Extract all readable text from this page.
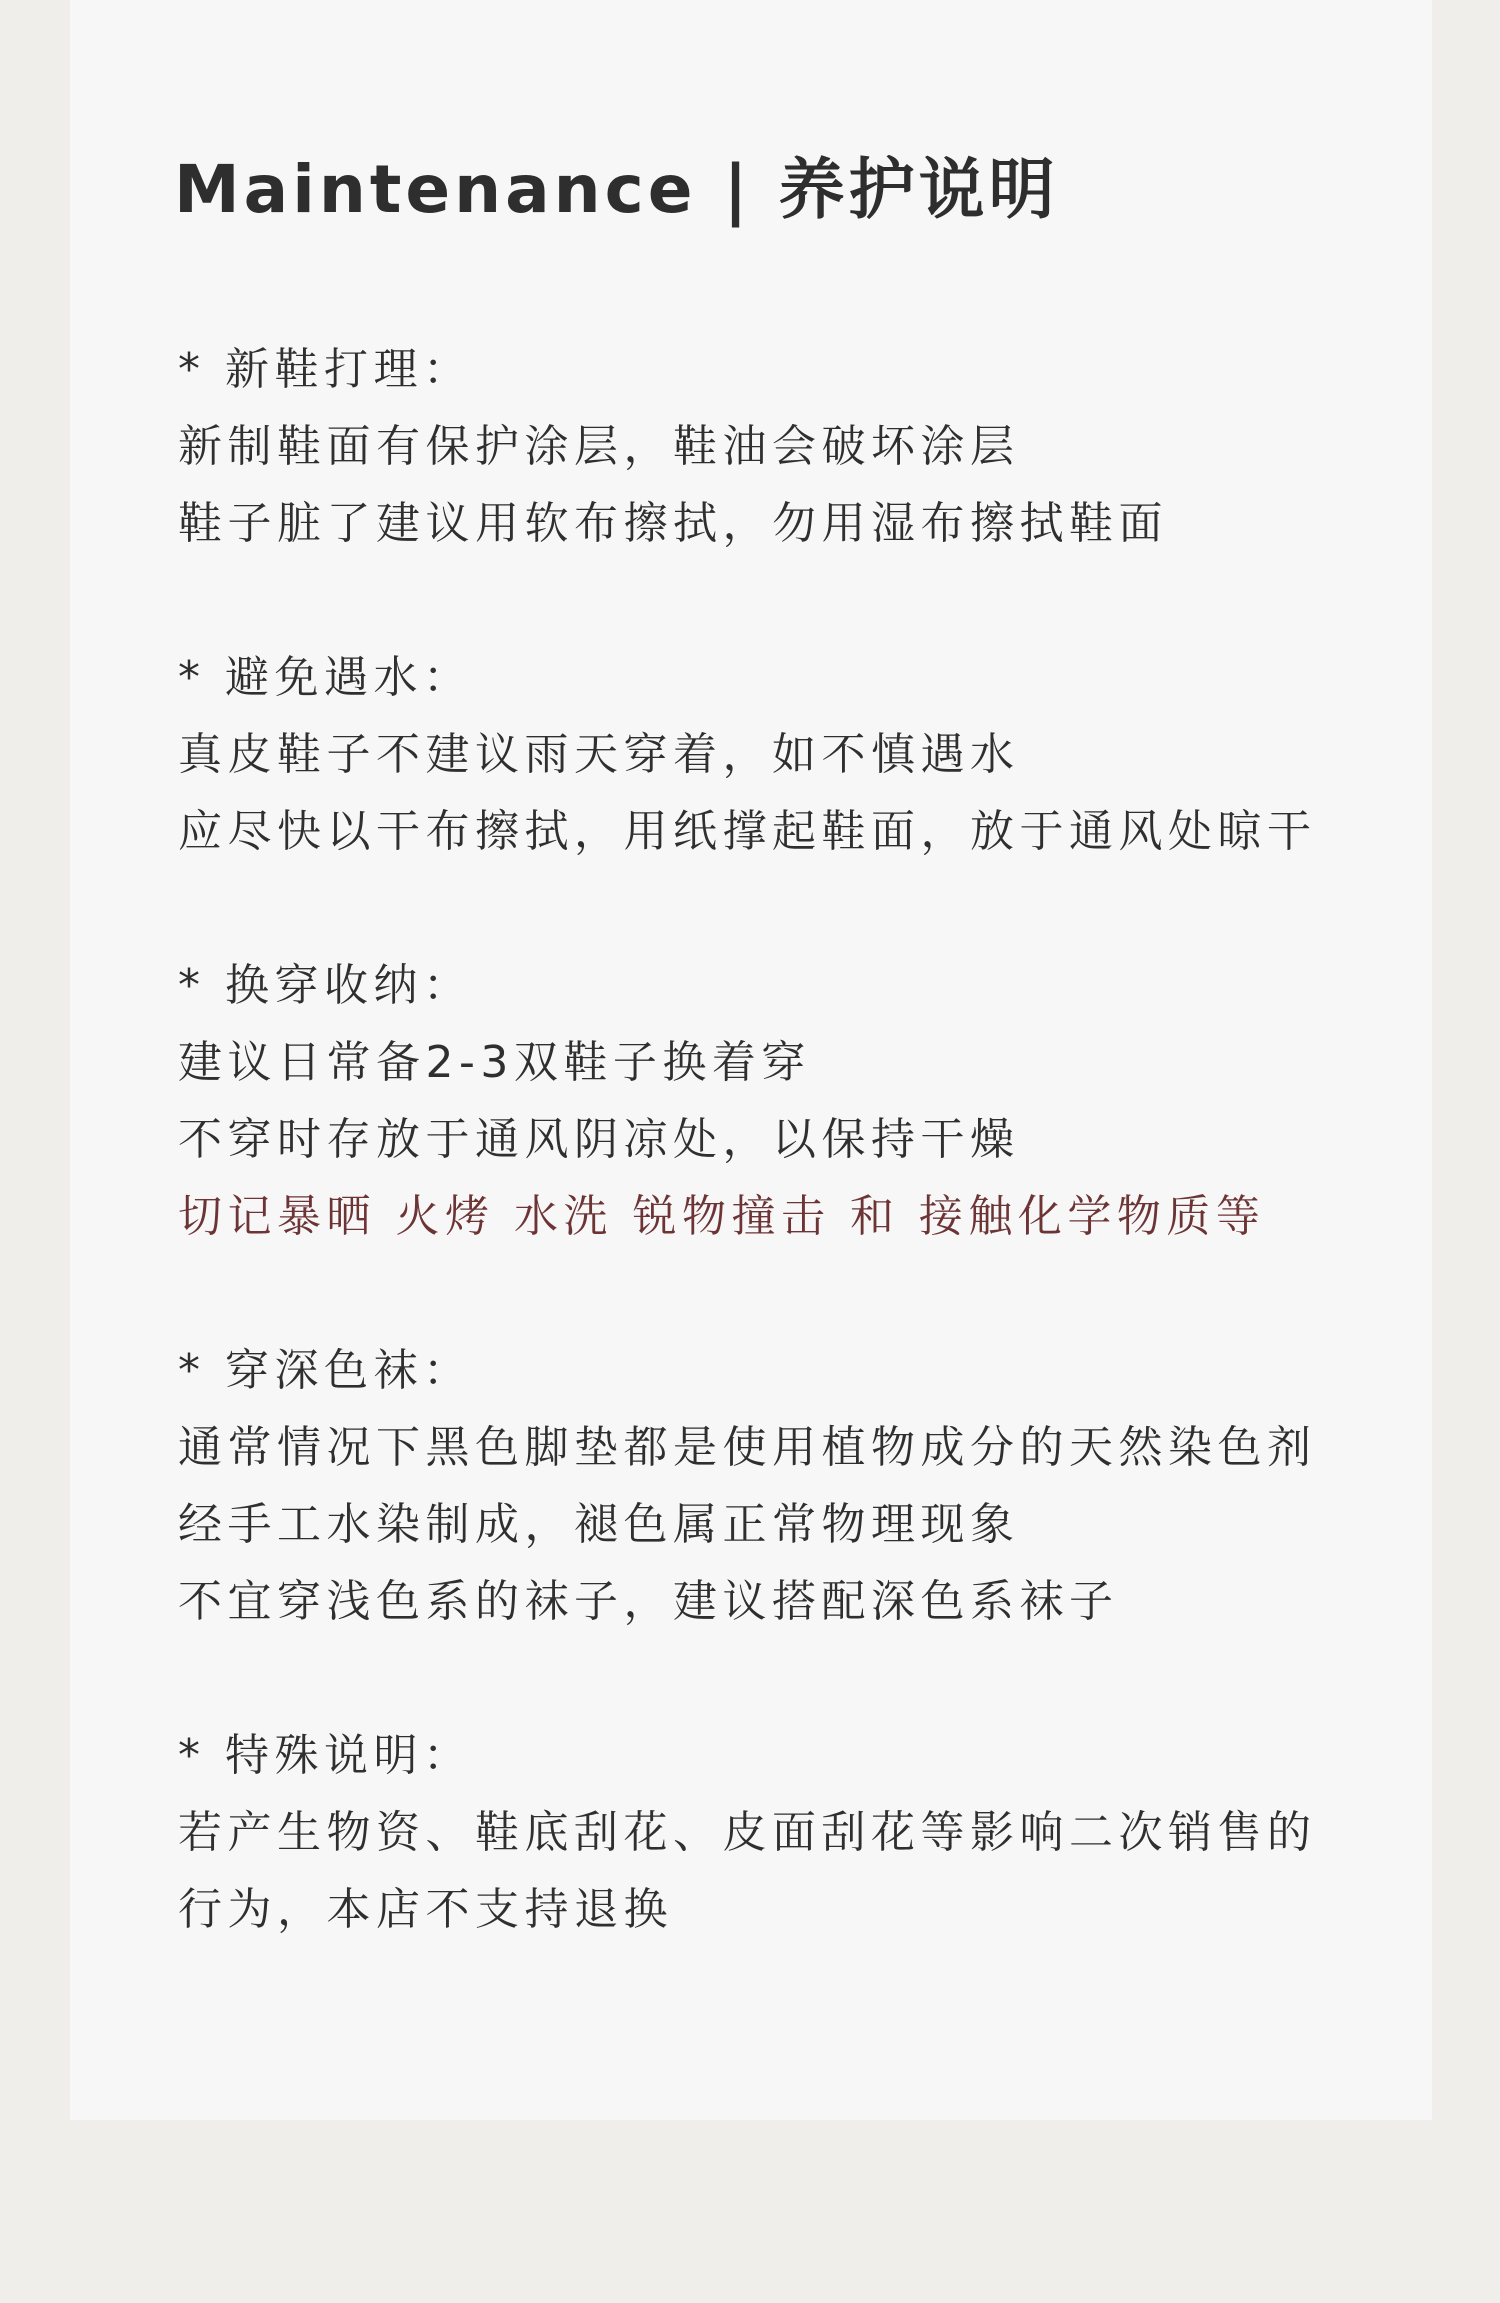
Maintenance | 养护说明
* 新鞋打理：
新制鞋面有保护涂层，鞋油会破坏涂层
鞋子脏了建议用软布擦拭，勿用湿布擦拭鞋面
* 避免遇水：
真皮鞋子不建议雨天穿着，如不慎遇水
应尽快以干布擦拭，用纸撑起鞋面，放于通风处晾干
* 换穿收纳：
建议日常备2-3双鞋子换着穿
不穿时存放于通风阴凉处，以保持干燥
切记暴晒 火烤 水洗 锐物撞击 和 接触化学物质等
* 穿深色袜：
通常情况下黑色脚垫都是使用植物成分的天然染色剂
经手工水染制成，褪色属正常物理现象
不宜穿浅色系的袜子，建议搭配深色系袜子
* 特殊说明：
若产生物资、鞋底刮花、皮面刮花等影响二次销售的
行为，本店不支持退换
